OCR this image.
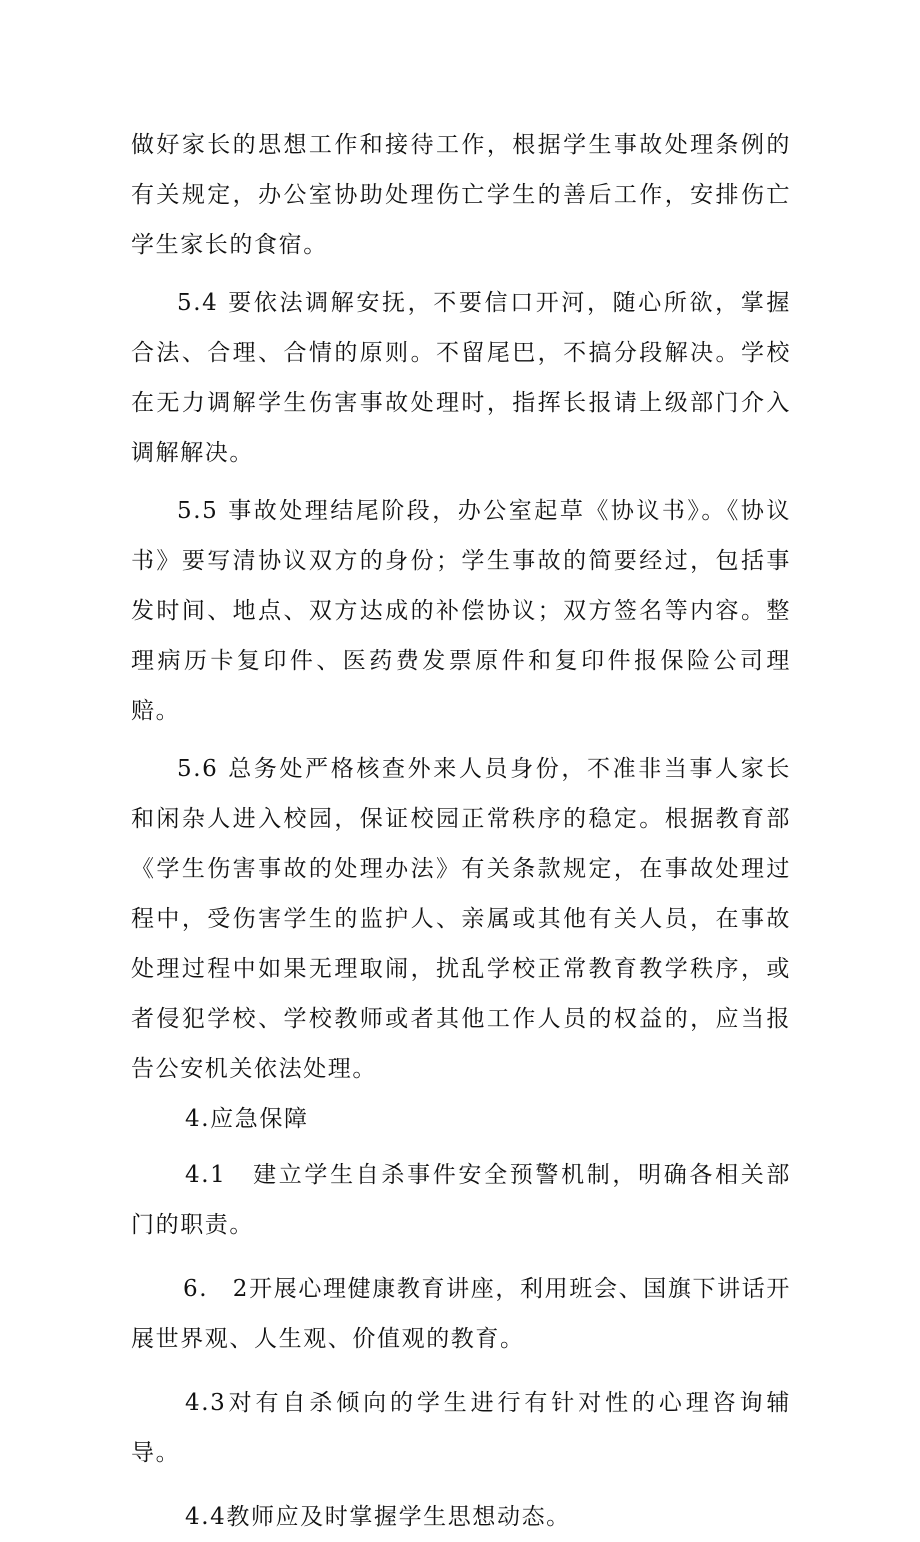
做好家长的思想工作和接待工作，根据学生事故处理条例的有关规定，办公室协助处理伤亡学生的善后工作，安排伤亡学生家长的食宿。

5.4 要依法调解安抚，不要信口开河，随心所欲，掌握合法、合理、合情的原则。不留尾巴，不搞分段解决。学校在无力调解学生伤害事故处理时，指挥长报请上级部门介入调解解决。

5.5 事故处理结尾阶段，办公室起草《协议书》。《协议书》要写清协议双方的身份；学生事故的简要经过，包括事发时间、地点、双方达成的补偿协议；双方签名等内容。整理病历卡复印件、医药费发票原件和复印件报保险公司理赔。

5.6 总务处严格核查外来人员身份，不准非当事人家长和闲杂人进入校园，保证校园正常秩序的稳定。根据教育部《学生伤害事故的处理办法》有关条款规定，在事故处理过程中，受伤害学生的监护人、亲属或其他有关人员，在事故处理过程中如果无理取闹，扰乱学校正常教育教学秩序，或者侵犯学校、学校教师或者其他工作人员的权益的，应当报告公安机关依法处理。

4.应急保障

4.1　建立学生自杀事件安全预警机制，明确各相关部门的职责。

6.　2开展心理健康教育讲座，利用班会、国旗下讲话开展世界观、人生观、价值观的教育。

4.3对有自杀倾向的学生进行有针对性的心理咨询辅导。

4.4教师应及时掌握学生思想动态。
